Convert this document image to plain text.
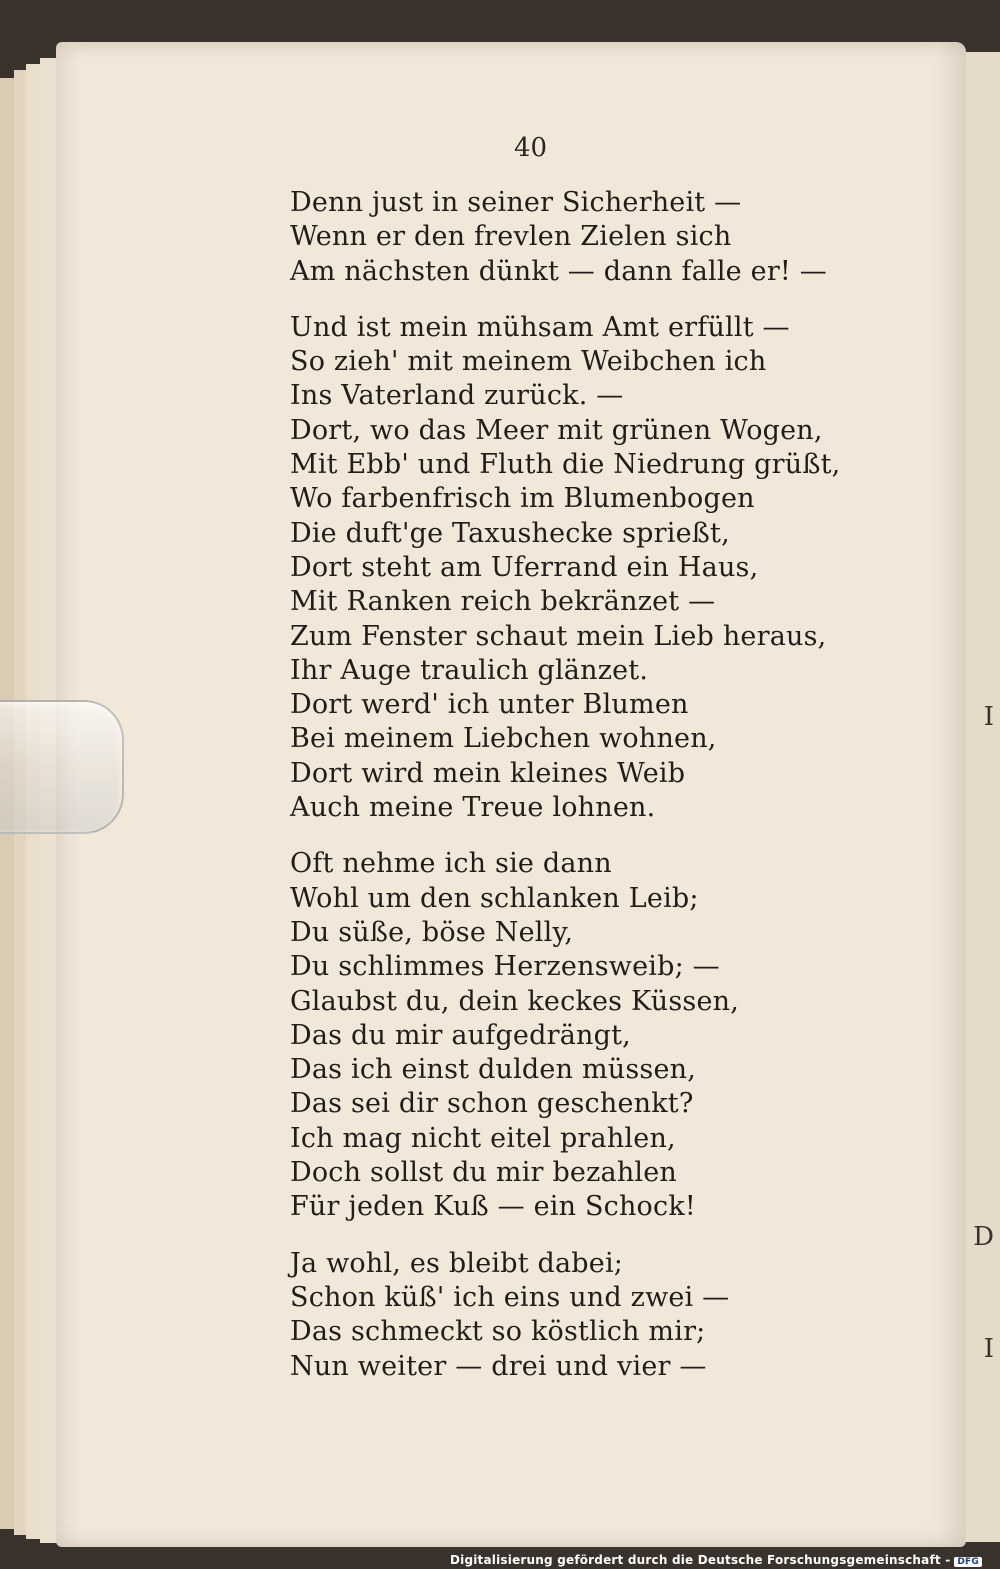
I
D
I
40
Denn just in seiner Sicherheit —
Wenn er den frevlen Zielen sich
Am nächsten dünkt — dann falle er! —
Und ist mein mühsam Amt erfüllt —
So zieh' mit meinem Weibchen ich
Ins Vaterland zurück. —
Dort, wo das Meer mit grünen Wogen,
Mit Ebb' und Fluth die Niedrung grüßt,
Wo farbenfrisch im Blumenbogen
Die duft'ge Taxushecke sprießt,
Dort steht am Uferrand ein Haus,
Mit Ranken reich bekränzet —
Zum Fenster schaut mein Lieb heraus,
Ihr Auge traulich glänzet.
Dort werd' ich unter Blumen
Bei meinem Liebchen wohnen,
Dort wird mein kleines Weib
Auch meine Treue lohnen.
Oft nehme ich sie dann
Wohl um den schlanken Leib;
Du süße, böse Nelly,
Du schlimmes Herzensweib; —
Glaubst du, dein keckes Küssen,
Das du mir aufgedrängt,
Das ich einst dulden müssen,
Das sei dir schon geschenkt?
Ich mag nicht eitel prahlen,
Doch sollst du mir bezahlen
Für jeden Kuß — ein Schock!
Ja wohl, es bleibt dabei;
Schon küß' ich eins und zwei —
Das schmeckt so köstlich mir;
Nun weiter — drei und vier —
Digitalisierung gefördert durch die Deutsche Forschungsgemeinschaft - DFG
